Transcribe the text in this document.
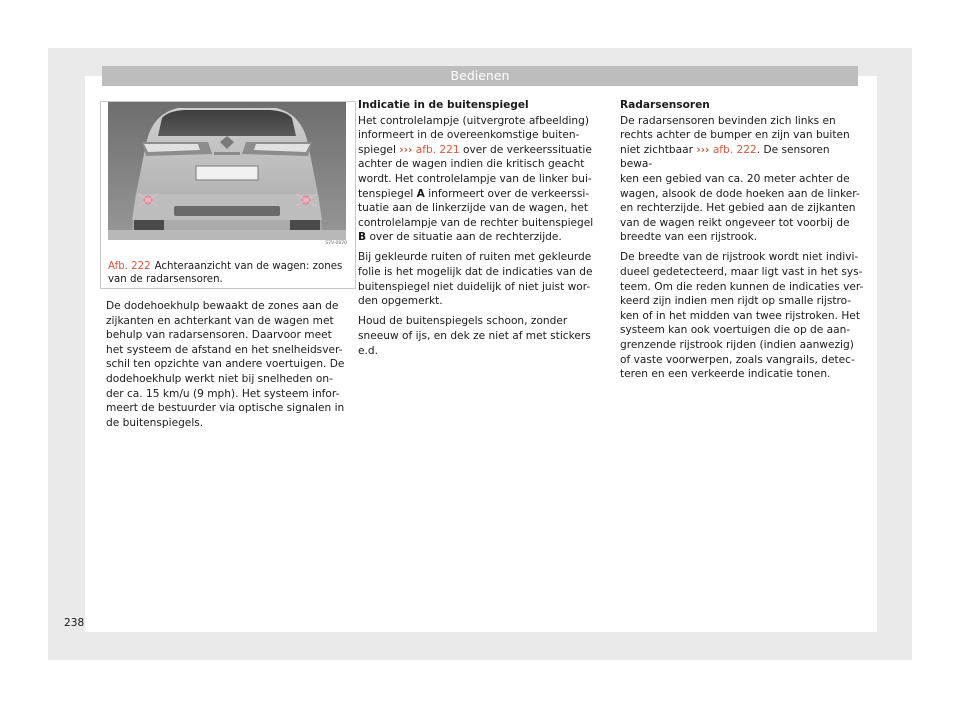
Bedienen
S7V-0870
Afb. 222 Achteraanzicht van de wagen: zones van de radarsensoren.

De dodehoekhulp bewaakt de zones aan de
zijkanten en achterkant van de wagen met
behulp van radarsensoren. Daarvoor meet
het systeem de afstand en het snelheidsver-
schil ten opzichte van andere voertuigen. De
dodehoekhulp werkt niet bij snelheden on-
der ca. 15 km/u (9 mph). Het systeem infor-
meert de bestuurder via optische signalen in
de buitenspiegels.

Indicatie in de buitenspiegel

Het controlelampje (uitvergrote afbeelding)
informeert in de overeenkomstige buiten-
spiegel ››› afb. 221 over de verkeerssituatie
achter de wagen indien die kritisch geacht
wordt. Het controlelampje van de linker bui-
tenspiegel A informeert over de verkeerssi-
tuatie aan de linkerzijde van de wagen, het
controlelampje van de rechter buitenspiegel
B over de situatie aan de rechterzijde.

Bij gekleurde ruiten of ruiten met gekleurde
folie is het mogelijk dat de indicaties van de
buitenspiegel niet duidelijk of niet juist wor-
den opgemerkt.

Houd de buitenspiegels schoon, zonder
sneeuw of ijs, en dek ze niet af met stickers
e.d.

Radarsensoren

De radarsensoren bevinden zich links en
rechts achter de bumper en zijn van buiten
niet zichtbaar ››› afb. 222. De sensoren bewa-
ken een gebied van ca. 20 meter achter de
wagen, alsook de dode hoeken aan de linker-
en rechterzijde. Het gebied aan de zijkanten
van de wagen reikt ongeveer tot voorbij de
breedte van een rijstrook.

De breedte van de rijstrook wordt niet indivi-
dueel gedetecteerd, maar ligt vast in het sys-
teem. Om die reden kunnen de indicaties ver-
keerd zijn indien men rijdt op smalle rijstro-
ken of in het midden van twee rijstroken. Het
systeem kan ook voertuigen die op de aan-
grenzende rijstrook rijden (indien aanwezig)
of vaste voorwerpen, zoals vangrails, detec-
teren en een verkeerde indicatie tonen.

238
